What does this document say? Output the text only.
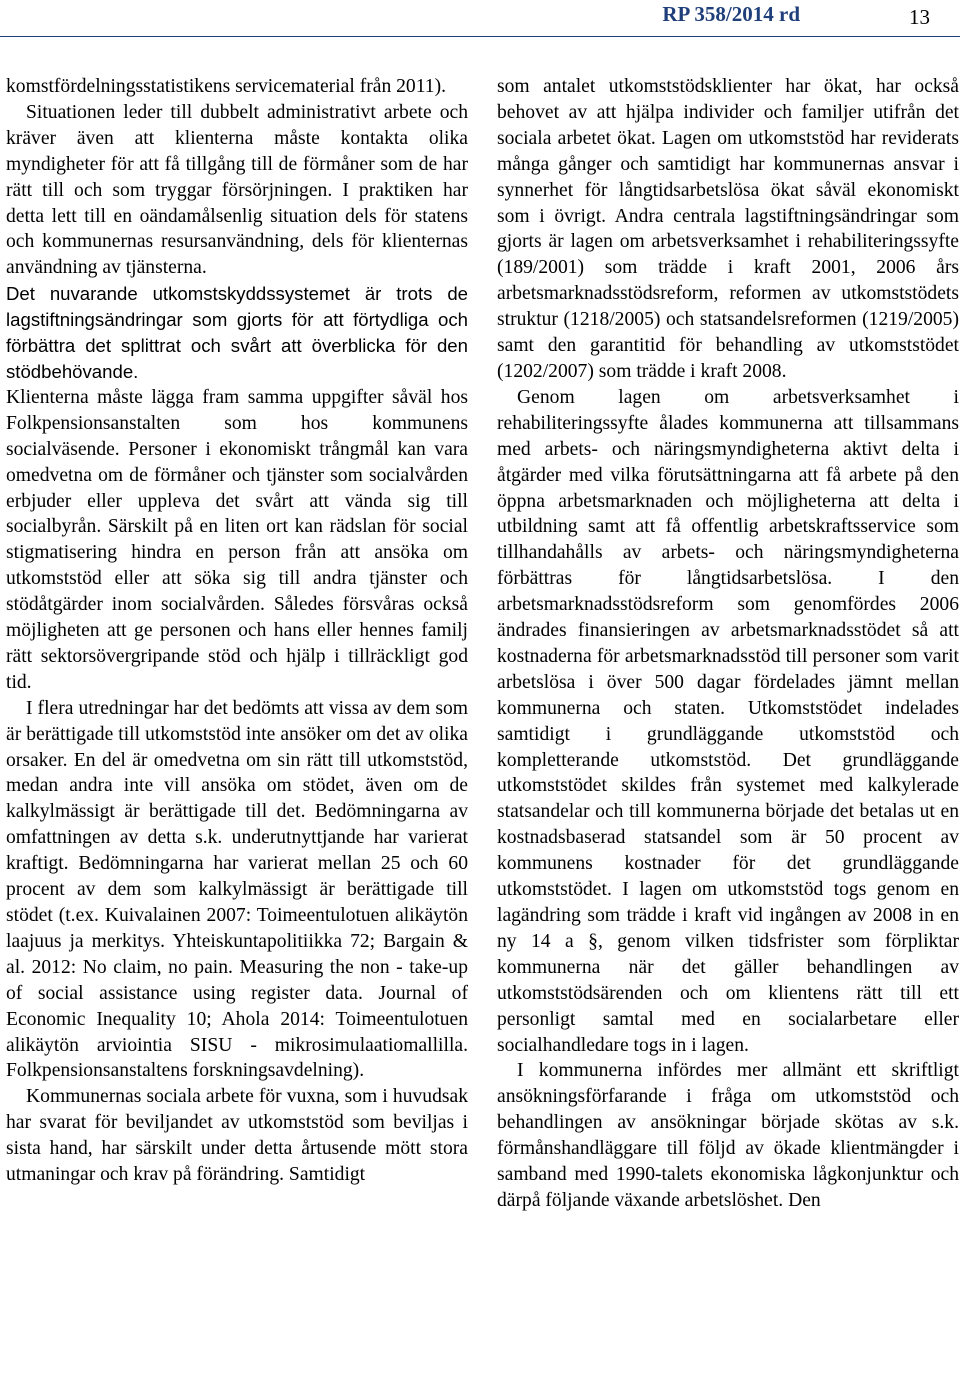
RP 358/2014 rd	13

komstfördelningsstatistikens servicematerial från 2011).

Situationen leder till dubbelt administrativt arbete och kräver även att klienterna måste kontakta olika myndigheter för att få tillgång till de förmåner som de har rätt till och som tryggar försörjningen. I praktiken har detta lett till en oändamålsenlig situation dels för statens och kommunernas resursanvändning, dels för klienternas användning av tjänsterna.

Det nuvarande utkomstskyddssystemet är trots de lagstiftningsändringar som gjorts för att förtydliga och förbättra det splittrat och svårt att överblicka för den stödbehövande.

Klienterna måste lägga fram samma uppgifter såväl hos Folkpensionsanstalten som hos kommunens socialväsende. Personer i ekonomiskt trångmål kan vara omedvetna om de förmåner och tjänster som socialvården erbjuder eller uppleva det svårt att vända sig till socialbyrån. Särskilt på en liten ort kan rädslan för social stigmatisering hindra en person från att ansöka om utkomststöd eller att söka sig till andra tjänster och stödåtgärder inom socialvården. Således försvåras också möjligheten att ge personen och hans eller hennes familj rätt sektorsövergripande stöd och hjälp i tillräckligt god tid.

I flera utredningar har det bedömts att vissa av dem som är berättigade till utkomststöd inte ansöker om det av olika orsaker. En del är omedvetna om sin rätt till utkomststöd, medan andra inte vill ansöka om stödet, även om de kalkylmässigt är berättigade till det. Bedömningarna av omfattningen av detta s.k. underutnyttjande har varierat kraftigt. Bedömningarna har varierat mellan 25 och 60 procent av dem som kalkylmässigt är berättigade till stödet (t.ex. Kuivalainen 2007: Toimeentulotuen alikäytön laajuus ja merkitys. Yhteiskuntapolitiikka 72; Bargain & al. 2012: No claim, no pain. Measuring the non - take-up of social assistance using register data. Journal of Economic Inequality 10; Ahola 2014: Toimeentulotuen alikäytön arviointia SISU - mikrosimulaatiomallilla. Folkpensionsanstaltens forskningsavdelning).

Kommunernas sociala arbete för vuxna, som i huvudsak har svarat för beviljandet av utkomststöd som beviljas i sista hand, har särskilt under detta årtusende mött stora utmaningar och krav på förändring. Samtidigt

som antalet utkomststödsklienter har ökat, har också behovet av att hjälpa individer och familjer utifrån det sociala arbetet ökat. Lagen om utkomststöd har reviderats många gånger och samtidigt har kommunernas ansvar i synnerhet för långtidsarbetslösa ökat såväl ekonomiskt som i övrigt. Andra centrala lagstiftningsändringar som gjorts är lagen om arbetsverksamhet i rehabiliteringssyfte (189/2001) som trädde i kraft 2001, 2006 års arbetsmarknadsstödsreform, reformen av utkomststödets struktur (1218/2005) och statsandelsreformen (1219/2005) samt den garantitid för behandling av utkomststödet (1202/2007) som trädde i kraft 2008.

Genom lagen om arbetsverksamhet i rehabiliteringssyfte ålades kommunerna att tillsammans med arbets- och näringsmyndigheterna aktivt delta i åtgärder med vilka förutsättningarna att få arbete på den öppna arbetsmarknaden och möjligheterna att delta i utbildning samt att få offentlig arbetskraftsservice som tillhandahålls av arbets- och näringsmyndigheterna förbättras för långtidsarbetslösa. I den arbetsmarknadsstödsreform som genomfördes 2006 ändrades finansieringen av arbetsmarknadsstödet så att kostnaderna för arbetsmarknadsstöd till personer som varit arbetslösa i över 500 dagar fördelades jämnt mellan kommunerna och staten. Utkomststödet indelades samtidigt i grundläggande utkomststöd och kompletterande utkomststöd. Det grundläggande utkomststödet skildes från systemet med kalkylerade statsandelar och till kommunerna började det betalas ut en kostnadsbaserad statsandel som är 50 procent av kommunens kostnader för det grundläggande utkomststödet. I lagen om utkomststöd togs genom en lagändring som trädde i kraft vid ingången av 2008 in en ny 14 a §, genom vilken tidsfrister som förpliktar kommunerna när det gäller behandlingen av utkomststödsärenden och om klientens rätt till ett personligt samtal med en socialarbetare eller socialhandledare togs in i lagen.

I kommunerna infördes mer allmänt ett skriftligt ansökningsförfarande i fråga om utkomststöd och behandlingen av ansökningar började skötas av s.k. förmånshandläggare till följd av ökade klientmängder i samband med 1990-talets ekonomiska lågkonjunktur och därpå följande växande arbetslöshet. Den
